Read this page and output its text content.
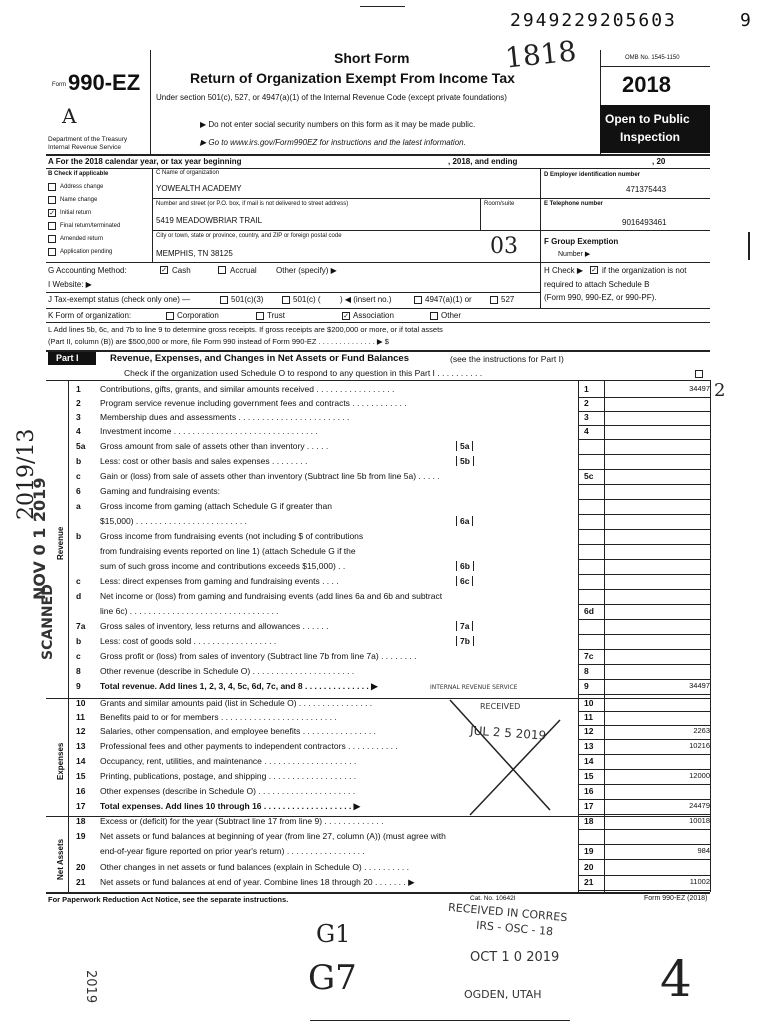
2949229205603	9
Form 990-EZ
A
Department of the Treasury
Internal Revenue Service
Short Form
Return of Organization Exempt From Income Tax
Under section 501(c), 527, or 4947(a)(1) of the Internal Revenue Code (except private foundations)
▶ Do not enter social security numbers on this form as it may be made public.
▶ Go to www.irs.gov/Form990EZ for instructions and the latest information.
1818	OMB No. 1545-1150
2018
Open to Public
Inspection
A For the 2018 calendar year, or tax year beginning	, 2018, and ending	, 20
B Check if applicable
Address change
Name change
✓ Initial return
Final return/terminated
Amended return
Application pending
C Name of organization
YOWEALTH ACADEMY
Number and street (or P.O. box, if mail is not delivered to street address)	Room/suite
5419 MEADOWBRIAR TRAIL
City or town, state or province, country, and ZIP or foreign postal code
MEMPHIS, TN 38125	03
D Employer identification number
471375443
E Telephone number
9016493461
F Group Exemption
Number ▶
G Accounting Method:	✓ Cash	Accrual Other (specify) ▶	H Check ▶ ✓ if the organization is not
required to attach Schedule B
(Form 990, 990-EZ, or 990-PF).
I Website: ▶
J Tax-exempt status (check only one) —	501(c)(3)	501(c) ( ) ◀ (insert no.)	4947(a)(1) or	527
K Form of organization:	Corporation	Trust	✓ Association	Other
L Add lines 5b, 6c, and 7b to line 9 to determine gross receipts. If gross receipts are $200,000 or more, or if total assets
(Part II, column (B)) are $500,000 or more, file Form 990 instead of Form 990-EZ . . . . . . . . . . . . . . ▶ $
Part I	Revenue, Expenses, and Changes in Net Assets or Fund Balances	(see the instructions for Part I)
Check if the organization used Schedule O to respond to any question in this Part I . . . . . . . . . .
Revenue
Expenses
Net Assets
1 Contributions, gifts, grants, and similar amounts received . . . . . . . . . . . . . . . . .	1	34497
2 Program service revenue including government fees and contracts . . . . . . . . . . . .	2
3 Membership dues and assessments . . . . . . . . . . . . . . . . . . . . . . . .	3
4 Investment income . . . . . . . . . . . . . . . . . . . . . . . . . . . . . . .	4
5a Gross amount from sale of assets other than inventory . . . . .	5a
b Less: cost or other basis and sales expenses . . . . . . . .	5b
c Gain or (loss) from sale of assets other than inventory (Subtract line 5b from line 5a) . . . . .	5c
6 Gaming and fundraising events:
a Gross income from gaming (attach Schedule G if greater than
$15,000) . . . . . . . . . . . . . . . . . . . . . . . .	6a
b Gross income from fundraising events (not including $ of contributions
from fundraising events reported on line 1) (attach Schedule G if the
sum of such gross income and contributions exceeds $15,000) . .	6b
c Less: direct expenses from gaming and fundraising events . . . .	6c
d Net income or (loss) from gaming and fundraising events (add lines 6a and 6b and subtract
line 6c) . . . . . . . . . . . . . . . . . . . . . . . . . . . . . . . .	6d
7a Gross sales of inventory, less returns and allowances . . . . . .	7a
b Less: cost of goods sold . . . . . . . . . . . . . . . . . .	7b
c Gross profit or (loss) from sales of inventory (Subtract line 7b from line 7a) . . . . . . . .	7c
8 Other revenue (describe in Schedule O) . . . . . . . . . . . . . . . . . . . . . .	8
9 Total revenue. Add lines 1, 2, 3, 4, 5c, 6d, 7c, and 8 . . . . . . . . . . . . . . ▶	9	34497
10 Grants and similar amounts paid (list in Schedule O) . . . . . . . . . . . . . . . .	10
11 Benefits paid to or for members . . . . . . . . . . . . . . . . . . . . . . . . .	11
12 Salaries, other compensation, and employee benefits . . . . . . . . . . . . . . . .	12	2263
13 Professional fees and other payments to independent contractors . . . . . . . . . . .	13	10216
14 Occupancy, rent, utilities, and maintenance . . . . . . . . . . . . . . . . . . . .	14
15 Printing, publications, postage, and shipping . . . . . . . . . . . . . . . . . . .	15	12000
16 Other expenses (describe in Schedule O) . . . . . . . . . . . . . . . . . . . . .	16
17 Total expenses. Add lines 10 through 16 . . . . . . . . . . . . . . . . . . . ▶	17	24479
18 Excess or (deficit) for the year (Subtract line 17 from line 9) . . . . . . . . . . . . .	18	10018
19 Net assets or fund balances at beginning of year (from line 27, column (A)) (must agree with
end-of-year figure reported on prior year's return) . . . . . . . . . . . . . . . . .	19	984
20 Other changes in net assets or fund balances (explain in Schedule O) . . . . . . . . . .	20
21 Net assets or fund balances at end of year. Combine lines 18 through 20 . . . . . . . ▶	21	11002
For Paperwork Reduction Act Notice, see the separate instructions.	Cat. No. 10642I	Form 990-EZ (2018)
2
2019/13
NOV 0 1 2019
SCANNED
INTERNAL REVENUE SERVICE
RECEIVED
JUL 2 5 2019
RECEIVED IN CORRES
IRS - OSC - 18
OCT 1 0 2019
OGDEN, UTAH
2019
G1
G7	4
